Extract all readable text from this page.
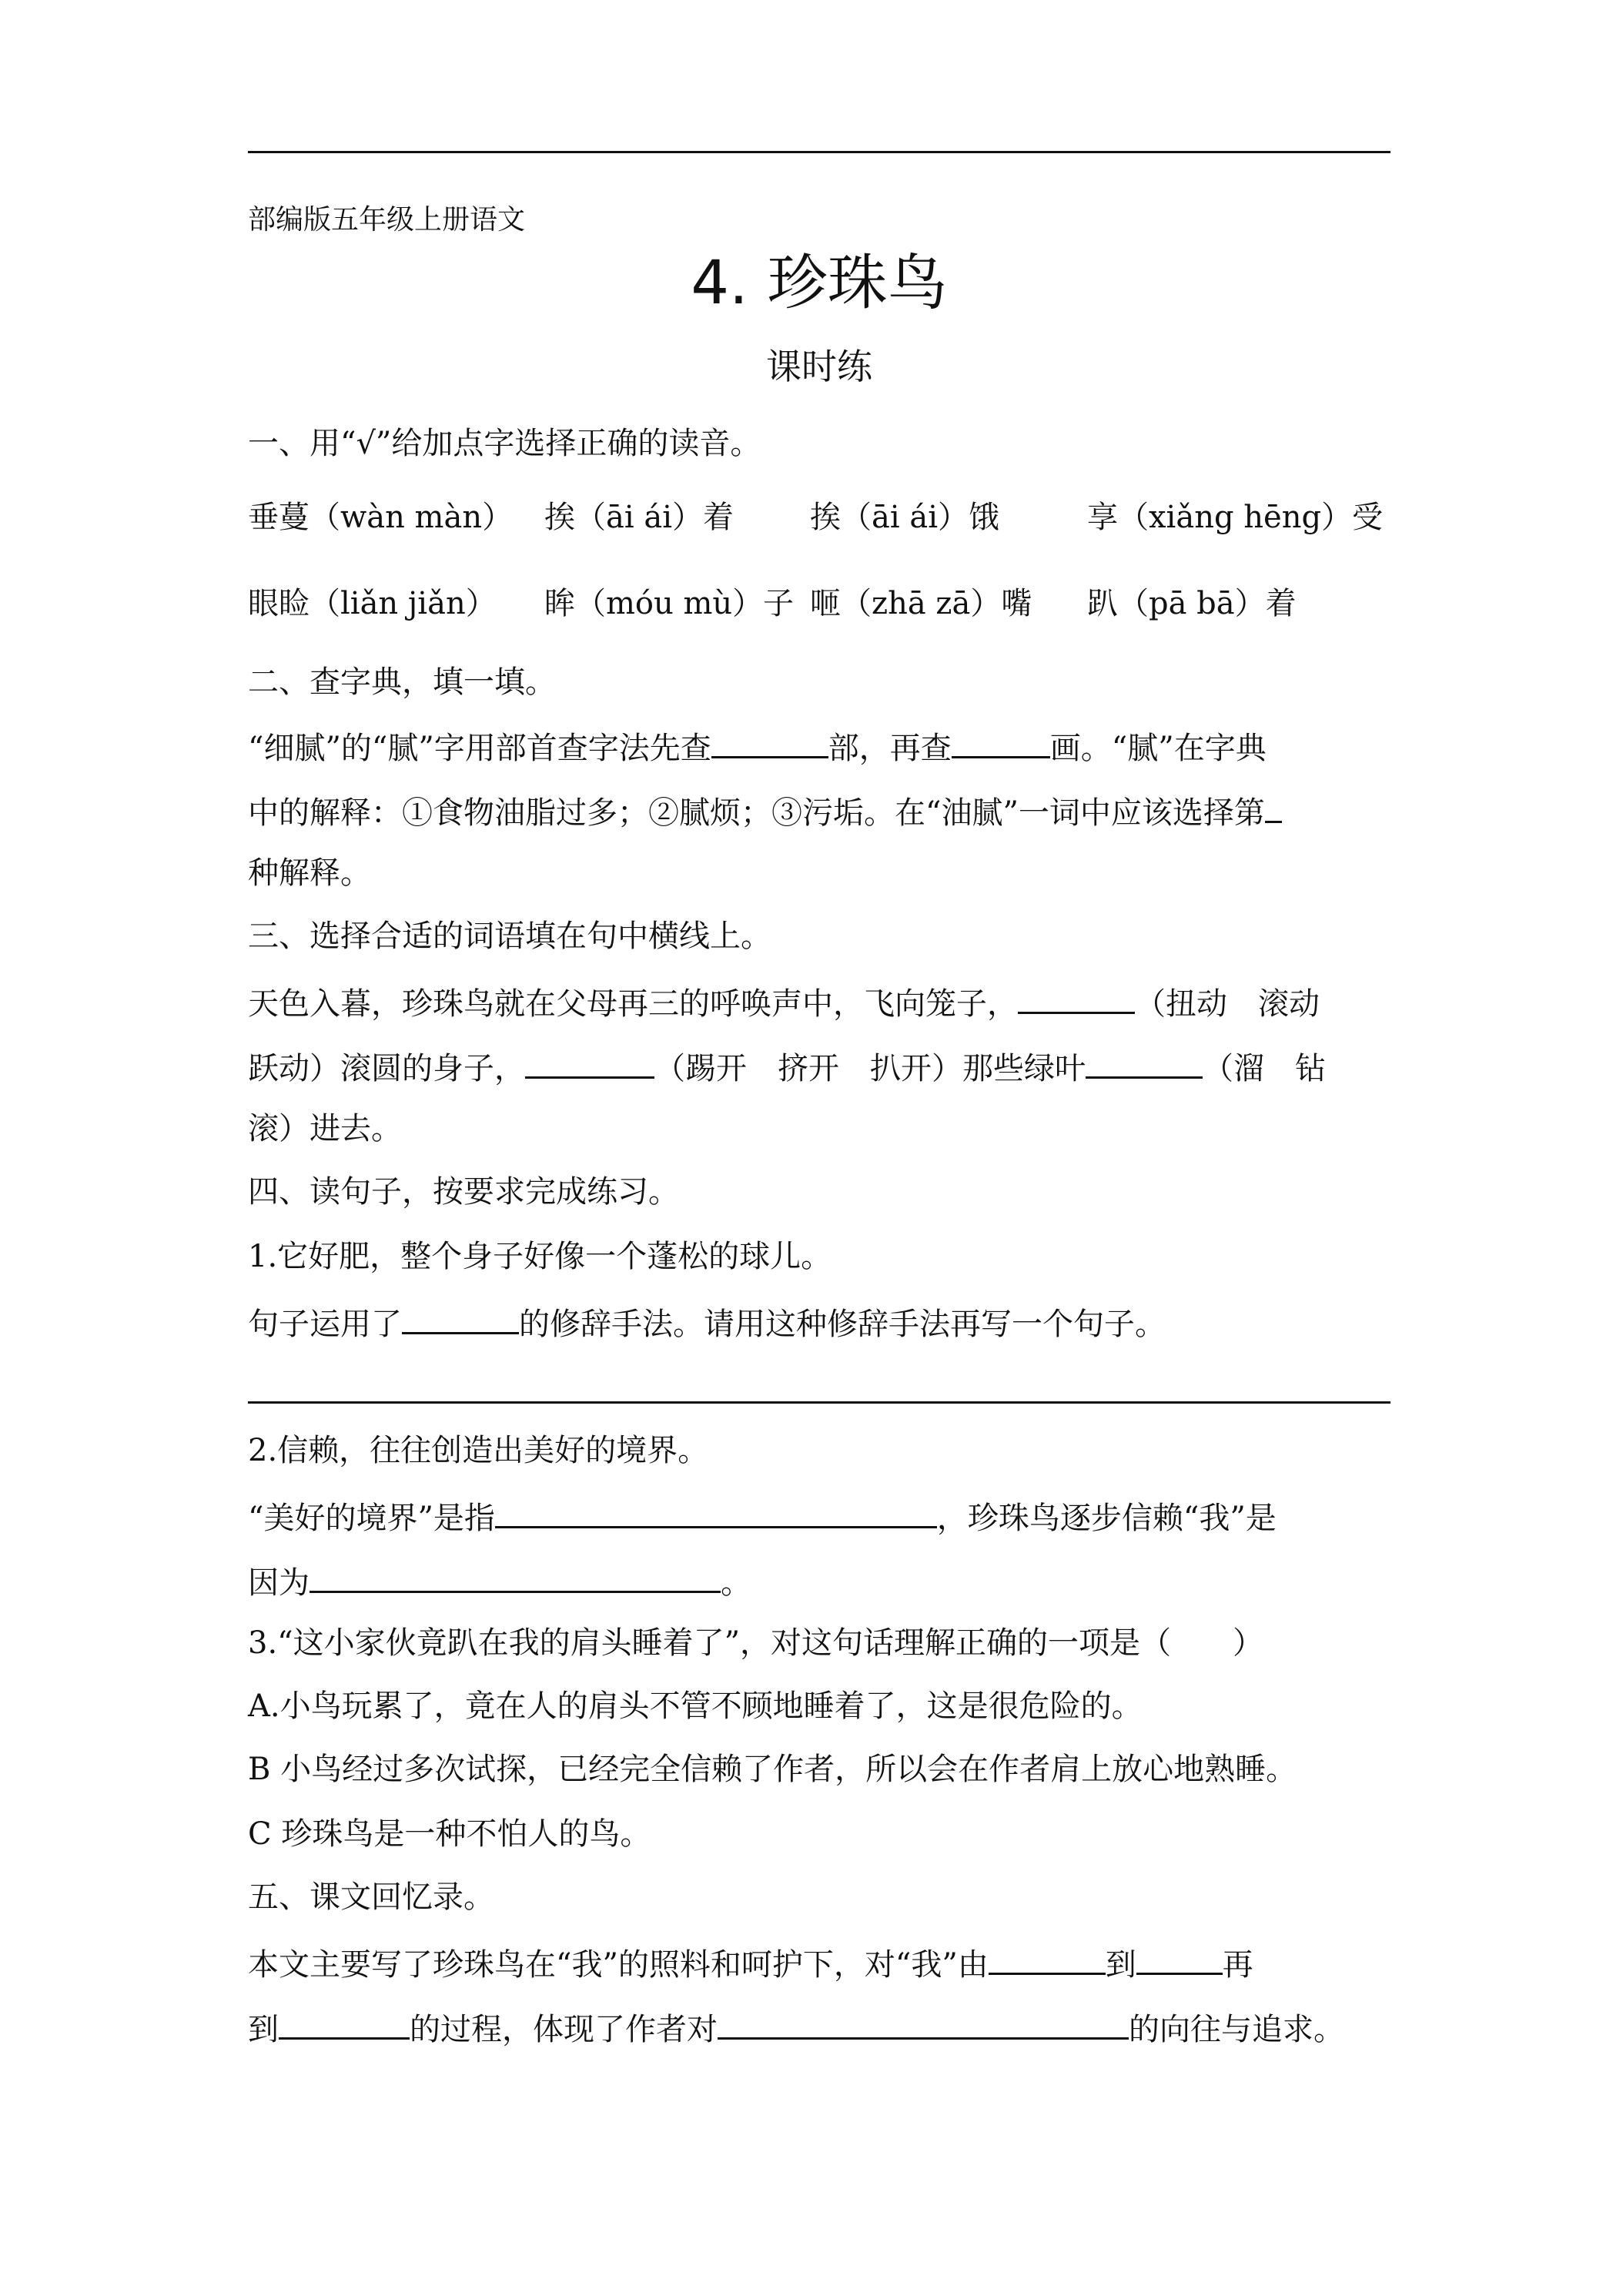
部编版五年级上册语文
4. 珍珠鸟
课时练
一、用“√”给加点字选择正确的读音。
垂蔓（wàn màn） 挨（āi ái）着 挨（āi ái）饿	享（xiǎng hēng）受
眼睑（liǎn jiǎn） 眸（móu mù）子 咂（zhā zā）嘴 趴（pā bā）着
二、查字典，填一填。
“细腻”的“腻”字用部首查字法先查	部，再查	画。“腻”在字典
中的解释：①食物油脂过多；②腻烦；③污垢。在“油腻”一词中应该选择第
种解释。
三、选择合适的词语填在句中横线上。
天色入暮，珍珠鸟就在父母再三的呼唤声中，飞向笼子，	（扭动　滚动
跃动）滚圆的身子，	（踢开　挤开　扒开）那些绿叶	（溜　钻
滚）进去。
四、读句子，按要求完成练习。
1.它好肥，整个身子好像一个蓬松的球儿。
句子运用了	的修辞手法。请用这种修辞手法再写一个句子。
2.信赖，往往创造出美好的境界。
“美好的境界”是指	，珍珠鸟逐步信赖“我”是
因为	。
3.“这小家伙竟趴在我的肩头睡着了”，对这句话理解正确的一项是（　　）
A.小鸟玩累了，竟在人的肩头不管不顾地睡着了，这是很危险的。
B 小鸟经过多次试探，已经完全信赖了作者，所以会在作者肩上放心地熟睡。
C 珍珠鸟是一种不怕人的鸟。
五、课文回忆录。
本文主要写了珍珠鸟在“我”的照料和呵护下，对“我”由	到	再
到	的过程，体现了作者对	的向往与追求。
